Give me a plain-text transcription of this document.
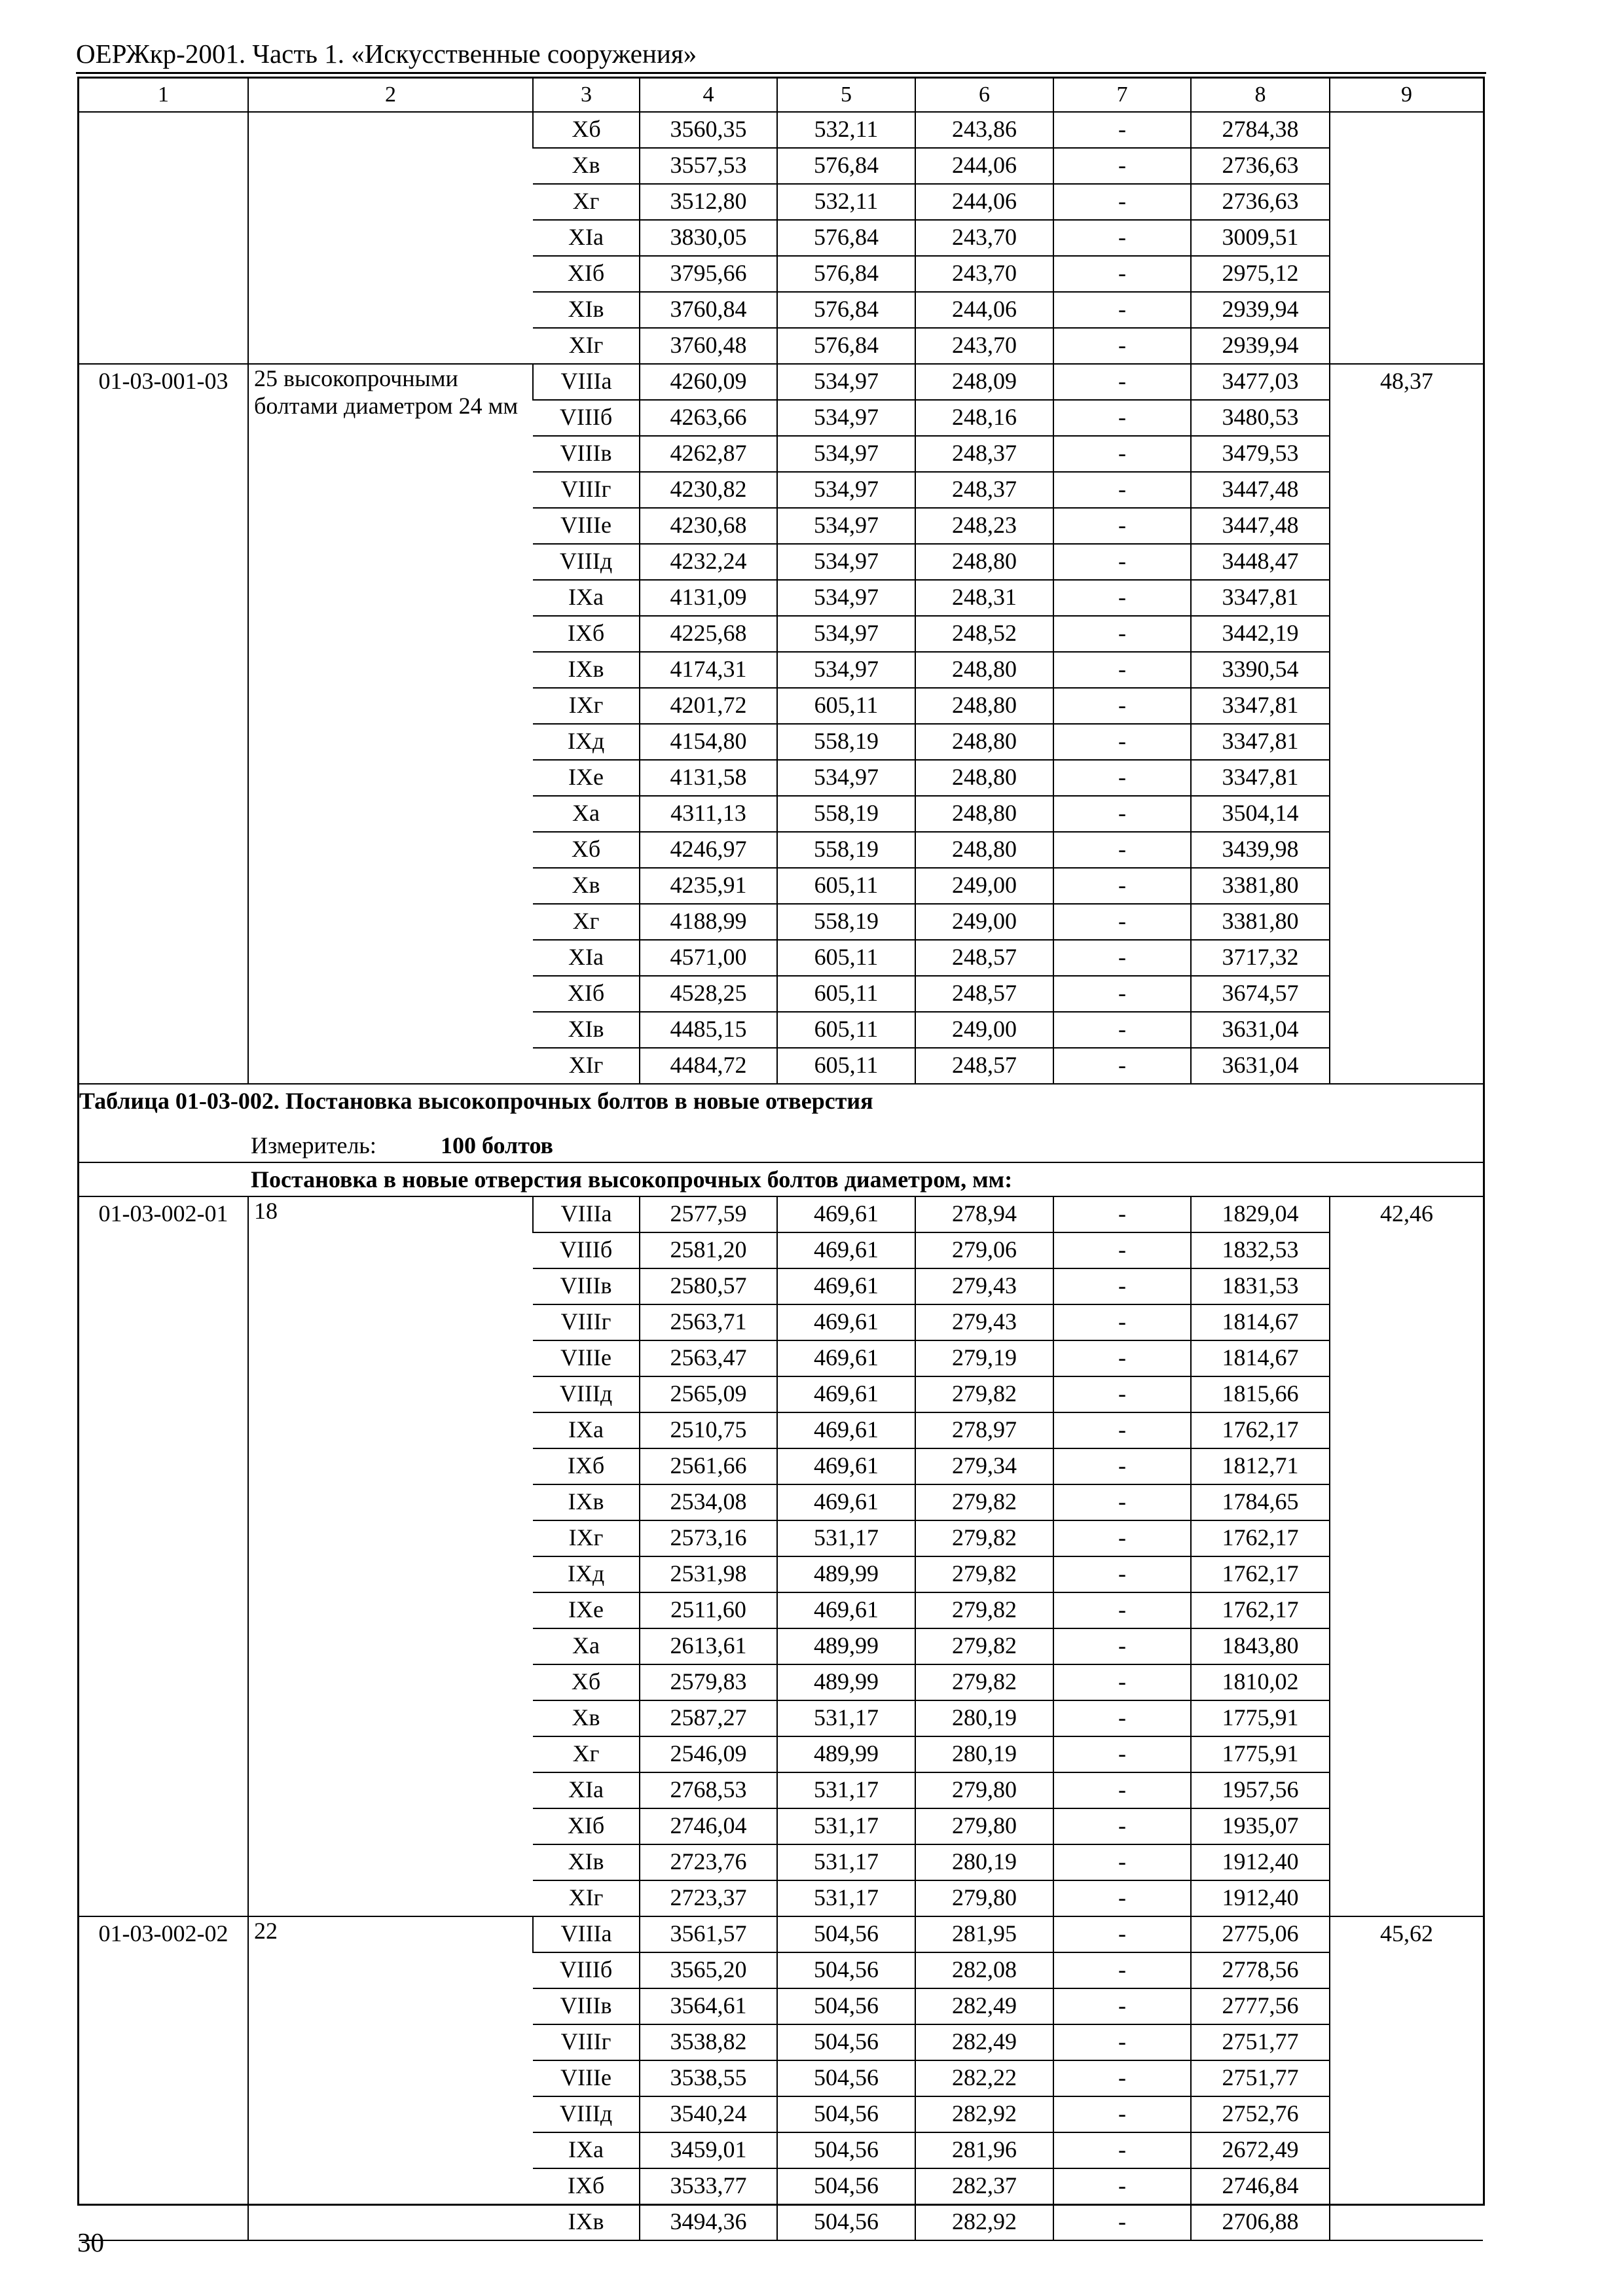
ОЕРЖкр-2001. Часть 1. «Искусственные сооружения»
1	2	3	4	5	6	7	8	9
		Xб	3560,35	532,11	243,86	-	2784,38	
		Xв	3557,53	576,84	244,06	-	2736,63	
		Xг	3512,80	532,11	244,06	-	2736,63	
		XIа	3830,05	576,84	243,70	-	3009,51	
		XIб	3795,66	576,84	243,70	-	2975,12	
		XIв	3760,84	576,84	244,06	-	2939,94	
		XIг	3760,48	576,84	243,70	-	2939,94	
01-03-001-03	25 высокопрочными болтами диаметром 24 мм	VIIIа	4260,09	534,97	248,09	-	3477,03	48,37
		VIIIб	4263,66	534,97	248,16	-	3480,53	
		VIIIв	4262,87	534,97	248,37	-	3479,53	
		VIIIг	4230,82	534,97	248,37	-	3447,48	
		VIIIе	4230,68	534,97	248,23	-	3447,48	
		VIIIд	4232,24	534,97	248,80	-	3448,47	
		IXа	4131,09	534,97	248,31	-	3347,81	
		IXб	4225,68	534,97	248,52	-	3442,19	
		IXв	4174,31	534,97	248,80	-	3390,54	
		IXг	4201,72	605,11	248,80	-	3347,81	
		IXд	4154,80	558,19	248,80	-	3347,81	
		IXе	4131,58	534,97	248,80	-	3347,81	
		Xа	4311,13	558,19	248,80	-	3504,14	
		Xб	4246,97	558,19	248,80	-	3439,98	
		Xв	4235,91	605,11	249,00	-	3381,80	
		Xг	4188,99	558,19	249,00	-	3381,80	
		XIа	4571,00	605,11	248,57	-	3717,32	
		XIб	4528,25	605,11	248,57	-	3674,57	
		XIв	4485,15	605,11	249,00	-	3631,04	
		XIг	4484,72	605,11	248,57	-	3631,04	
Таблица 01-03-002. Постановка высокопрочных болтов в новые отверстия								
Измеритель: 100 болтов								
Постановка в новые отверстия высокопрочных болтов диаметром, мм:								
01-03-002-01	18	VIIIа	2577,59	469,61	278,94	-	1829,04	42,46
		VIIIб	2581,20	469,61	279,06	-	1832,53	
		VIIIв	2580,57	469,61	279,43	-	1831,53	
		VIIIг	2563,71	469,61	279,43	-	1814,67	
		VIIIе	2563,47	469,61	279,19	-	1814,67	
		VIIIд	2565,09	469,61	279,82	-	1815,66	
		IXа	2510,75	469,61	278,97	-	1762,17	
		IXб	2561,66	469,61	279,34	-	1812,71	
		IXв	2534,08	469,61	279,82	-	1784,65	
		IXг	2573,16	531,17	279,82	-	1762,17	
		IXд	2531,98	489,99	279,82	-	1762,17	
		IXе	2511,60	469,61	279,82	-	1762,17	
		Xа	2613,61	489,99	279,82	-	1843,80	
		Xб	2579,83	489,99	279,82	-	1810,02	
		Xв	2587,27	531,17	280,19	-	1775,91	
		Xг	2546,09	489,99	280,19	-	1775,91	
		XIа	2768,53	531,17	279,80	-	1957,56	
		XIб	2746,04	531,17	279,80	-	1935,07	
		XIв	2723,76	531,17	280,19	-	1912,40	
		XIг	2723,37	531,17	279,80	-	1912,40	
01-03-002-02	22	VIIIа	3561,57	504,56	281,95	-	2775,06	45,62
		VIIIб	3565,20	504,56	282,08	-	2778,56	
		VIIIв	3564,61	504,56	282,49	-	2777,56	
		VIIIг	3538,82	504,56	282,49	-	2751,77	
		VIIIе	3538,55	504,56	282,22	-	2751,77	
		VIIIд	3540,24	504,56	282,92	-	2752,76	
		IXа	3459,01	504,56	281,96	-	2672,49	
		IXб	3533,77	504,56	282,37	-	2746,84	
		IXв	3494,36	504,56	282,92	-	2706,88	
30
